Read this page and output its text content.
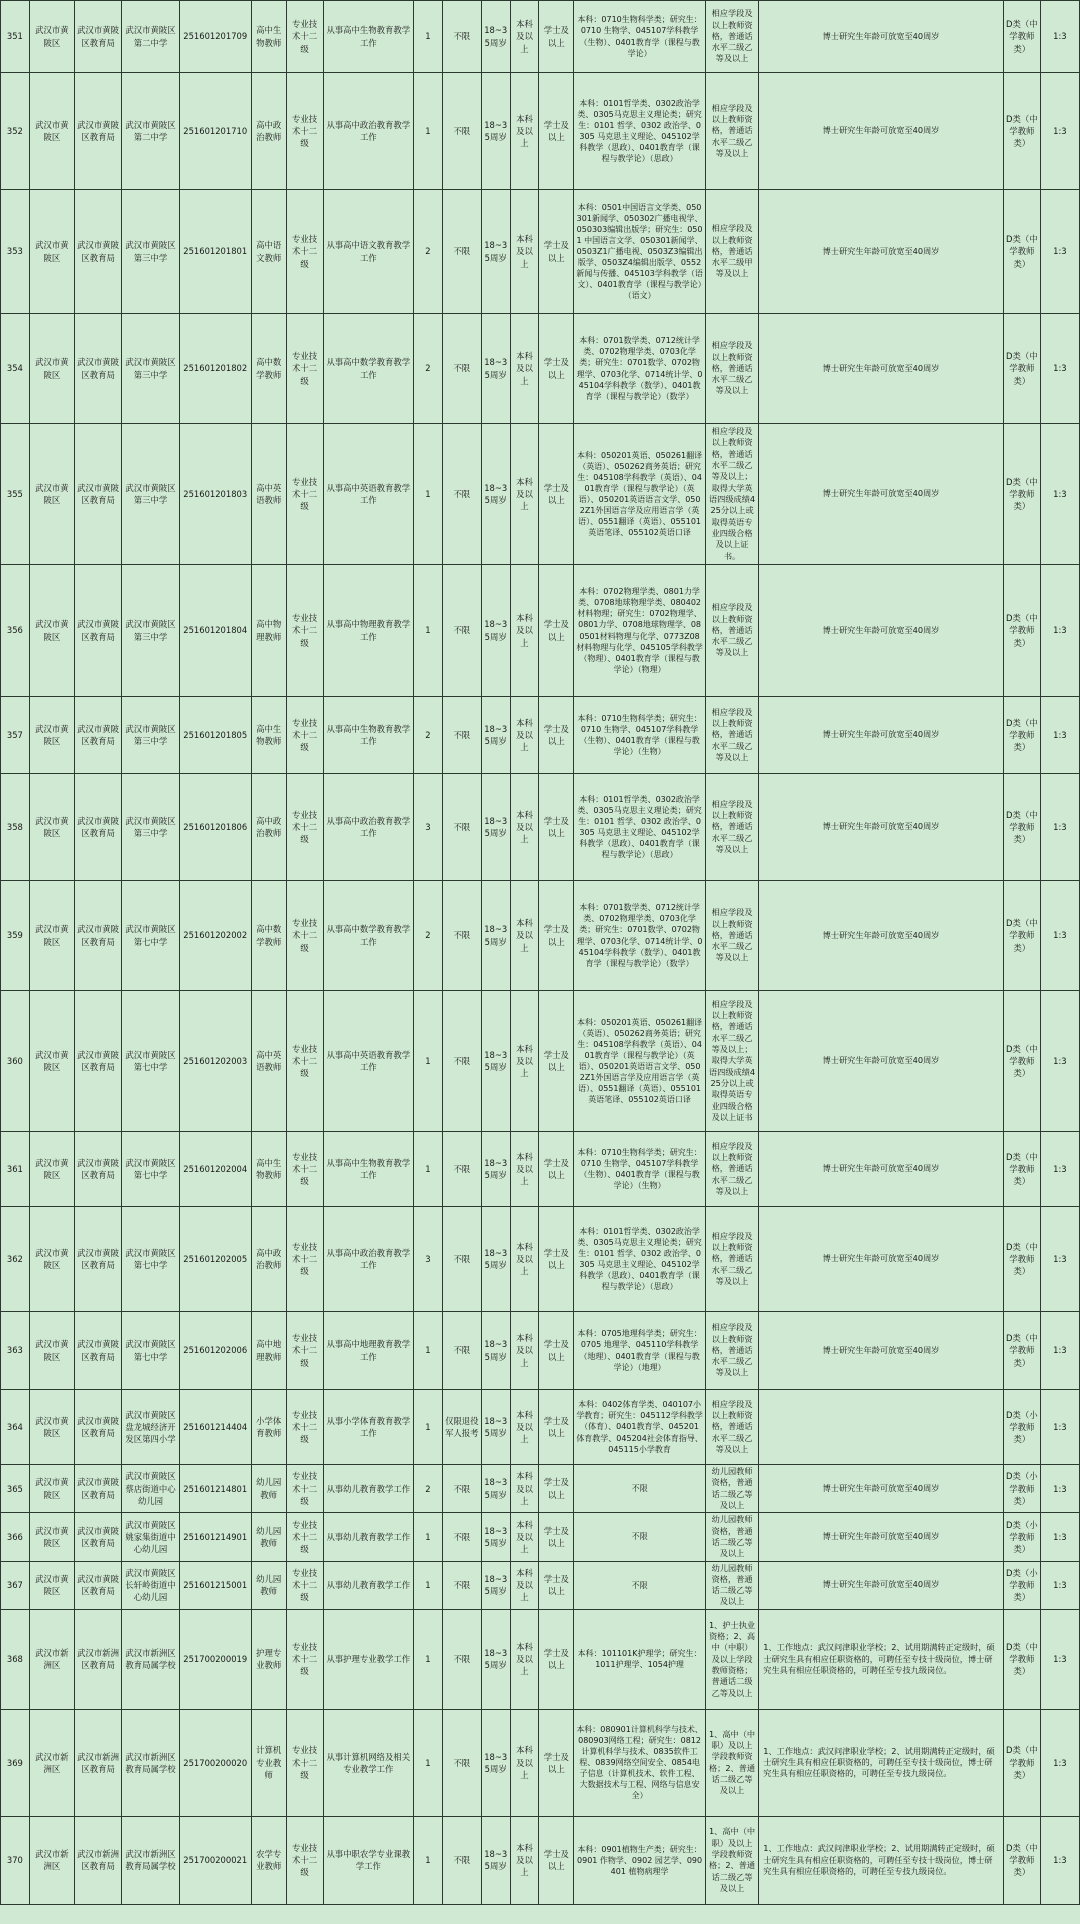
351	武汉市黄陂区	武汉市黄陂区教育局	武汉市黄陂区第二中学	251601201709	高中生物教师	专业技术十二级	从事高中生物教育教学工作	1	不限	18~35周岁	本科及以上	学士及以上	本科：0710生物科学类；研究生：0710 生物学、045107学科教学（生物）、0401教育学（课程与教学论）	相应学段及以上教师资格，普通话水平二级乙等及以上	博士研究生年龄可放宽至40周岁	D类（中学教师类）	1:3
352	武汉市黄陂区	武汉市黄陂区教育局	武汉市黄陂区第二中学	251601201710	高中政治教师	专业技术十二级	从事高中政治教育教学工作	1	不限	18~35周岁	本科及以上	学士及以上	本科：0101哲学类、0302政治学类、0305马克思主义理论类；研究生：0101 哲学、0302 政治学、0305 马克思主义理论、045102学科教学（思政）、0401教育学（课程与教学论）（思政）	相应学段及以上教师资格，普通话水平二级乙等及以上	博士研究生年龄可放宽至40周岁	D类（中学教师类）	1:3
353	武汉市黄陂区	武汉市黄陂区教育局	武汉市黄陂区第三中学	251601201801	高中语文教师	专业技术十二级	从事高中语文教育教学工作	2	不限	18~35周岁	本科及以上	学士及以上	本科：0501中国语言文学类、050301新闻学、050302广播电视学、050303编辑出版学；研究生：0501 中国语言文学、050301新闻学、0503Z1广播电视、0503Z3编辑出版学、0503Z4编辑出版学、0552新闻与传播、045103学科教学（语文）、0401教育学（课程与教学论）（语文）	相应学段及以上教师资格，普通话水平二级甲等及以上	博士研究生年龄可放宽至40周岁	D类（中学教师类）	1:3
354	武汉市黄陂区	武汉市黄陂区教育局	武汉市黄陂区第三中学	251601201802	高中数学教师	专业技术十二级	从事高中数学教育教学工作	2	不限	18~35周岁	本科及以上	学士及以上	本科：0701数学类、0712统计学类、0702物理学类、0703化学类；研究生：0701数学、0702物理学、0703化学、0714统计学、045104学科教学（数学）、0401教育学（课程与教学论）（数学）	相应学段及以上教师资格，普通话水平二级乙等及以上	博士研究生年龄可放宽至40周岁	D类（中学教师类）	1:3
355	武汉市黄陂区	武汉市黄陂区教育局	武汉市黄陂区第三中学	251601201803	高中英语教师	专业技术十二级	从事高中英语教育教学工作	1	不限	18~35周岁	本科及以上	学士及以上	本科：050201英语、050261翻译（英语）、050262商务英语；研究生：045108学科教学（英语）、0401教育学（课程与教学论）（英语）、050201英语语言文学、0502Z1外国语言学及应用语言学（英语）、0551翻译（英语）、055101英语笔译、055102英语口译	相应学段及以上教师资格，普通话水平二级乙等及以上；取得大学英语四级成绩425分以上或取得英语专业四级合格及以上证书。	博士研究生年龄可放宽至40周岁	D类（中学教师类）	1:3
356	武汉市黄陂区	武汉市黄陂区教育局	武汉市黄陂区第三中学	251601201804	高中物理教师	专业技术十二级	从事高中物理教育教学工作	1	不限	18~35周岁	本科及以上	学士及以上	本科：0702物理学类、0801力学类、0708地球物理学类、080402材料物理；研究生：0702物理学、0801力学、0708地球物理学、080501材料物理与化学、0773Z08材料物理与化学、045105学科教学（物理）、0401教育学（课程与教学论）（物理）	相应学段及以上教师资格，普通话水平二级乙等及以上	博士研究生年龄可放宽至40周岁	D类（中学教师类）	1:3
357	武汉市黄陂区	武汉市黄陂区教育局	武汉市黄陂区第三中学	251601201805	高中生物教师	专业技术十二级	从事高中生物教育教学工作	2	不限	18~35周岁	本科及以上	学士及以上	本科：0710生物科学类；研究生：0710 生物学、045107学科教学（生物）、0401教育学（课程与教学论）（生物）	相应学段及以上教师资格，普通话水平二级乙等及以上	博士研究生年龄可放宽至40周岁	D类（中学教师类）	1:3
358	武汉市黄陂区	武汉市黄陂区教育局	武汉市黄陂区第三中学	251601201806	高中政治教师	专业技术十二级	从事高中政治教育教学工作	3	不限	18~35周岁	本科及以上	学士及以上	本科：0101哲学类、0302政治学类、0305马克思主义理论类；研究生：0101 哲学、0302 政治学、0305 马克思主义理论、045102学科教学（思政）、0401教育学（课程与教学论）（思政）	相应学段及以上教师资格，普通话水平二级乙等及以上	博士研究生年龄可放宽至40周岁	D类（中学教师类）	1:3
359	武汉市黄陂区	武汉市黄陂区教育局	武汉市黄陂区第七中学	251601202002	高中数学教师	专业技术十二级	从事高中数学教育教学工作	2	不限	18~35周岁	本科及以上	学士及以上	本科：0701数学类、0712统计学类、0702物理学类、0703化学类；研究生：0701数学、0702物理学、0703化学、0714统计学、045104学科教学（数学）、0401教育学（课程与教学论）（数学）	相应学段及以上教师资格，普通话水平二级乙等及以上	博士研究生年龄可放宽至40周岁	D类（中学教师类）	1:3
360	武汉市黄陂区	武汉市黄陂区教育局	武汉市黄陂区第七中学	251601202003	高中英语教师	专业技术十二级	从事高中英语教育教学工作	1	不限	18~35周岁	本科及以上	学士及以上	本科：050201英语、050261翻译（英语）、050262商务英语；研究生：045108学科教学（英语）、0401教育学（课程与教学论）（英语）、050201英语语言文学、0502Z1外国语言学及应用语言学（英语）、0551翻译（英语）、055101英语笔译、055102英语口译	相应学段及以上教师资格，普通话水平二级乙等及以上；取得大学英语四级成绩425分以上或取得英语专业四级合格及以上证书	博士研究生年龄可放宽至40周岁	D类（中学教师类）	1:3
361	武汉市黄陂区	武汉市黄陂区教育局	武汉市黄陂区第七中学	251601202004	高中生物教师	专业技术十二级	从事高中生物教育教学工作	1	不限	18~35周岁	本科及以上	学士及以上	本科：0710生物科学类；研究生：0710 生物学、045107学科教学（生物）、0401教育学（课程与教学论）（生物）	相应学段及以上教师资格，普通话水平二级乙等及以上	博士研究生年龄可放宽至40周岁	D类（中学教师类）	1:3
362	武汉市黄陂区	武汉市黄陂区教育局	武汉市黄陂区第七中学	251601202005	高中政治教师	专业技术十二级	从事高中政治教育教学工作	3	不限	18~35周岁	本科及以上	学士及以上	本科：0101哲学类、0302政治学类、0305马克思主义理论类；研究生：0101 哲学、0302 政治学、0305 马克思主义理论、045102学科教学（思政）、0401教育学（课程与教学论）（思政）	相应学段及以上教师资格，普通话水平二级乙等及以上	博士研究生年龄可放宽至40周岁	D类（中学教师类）	1:3
363	武汉市黄陂区	武汉市黄陂区教育局	武汉市黄陂区第七中学	251601202006	高中地理教师	专业技术十二级	从事高中地理教育教学工作	1	不限	18~35周岁	本科及以上	学士及以上	本科：0705地理科学类；研究生：0705 地理学、045110学科教学（地理）、0401教育学（课程与教学论）（地理）	相应学段及以上教师资格，普通话水平二级乙等及以上	博士研究生年龄可放宽至40周岁	D类（中学教师类）	1:3
364	武汉市黄陂区	武汉市黄陂区教育局	武汉市黄陂区盘龙城经济开发区第四小学	251601214404	小学体育教师	专业技术十二级	从事小学体育教育教学工作	1	仅限退役军人报考	18~35周岁	本科及以上	学士及以上	本科：0402体育学类、040107小学教育；研究生：045112学科教学（体育）、0401教育学、045201体育教学、045204社会体育指导、045115小学教育	相应学段及以上教师资格，普通话水平二级乙等及以上		D类（小学教师类）	1:3
365	武汉市黄陂区	武汉市黄陂区教育局	武汉市黄陂区蔡店街道中心幼儿园	251601214801	幼儿园教师	专业技术十二级	从事幼儿教育教学工作	2	不限	18~35周岁	本科及以上	学士及以上	不限	幼儿园教师资格，普通话二级乙等及以上	博士研究生年龄可放宽至40周岁	D类（小学教师类）	1:3
366	武汉市黄陂区	武汉市黄陂区教育局	武汉市黄陂区姚家集街道中心幼儿园	251601214901	幼儿园教师	专业技术十二级	从事幼儿教育教学工作	1	不限	18~35周岁	本科及以上	学士及以上	不限	幼儿园教师资格，普通话二级乙等及以上	博士研究生年龄可放宽至40周岁	D类（小学教师类）	1:3
367	武汉市黄陂区	武汉市黄陂区教育局	武汉市黄陂区长轩岭街道中心幼儿园	251601215001	幼儿园教师	专业技术十二级	从事幼儿教育教学工作	1	不限	18~35周岁	本科及以上	学士及以上	不限	幼儿园教师资格，普通话二级乙等及以上	博士研究生年龄可放宽至40周岁	D类（小学教师类）	1:3
368	武汉市新洲区	武汉市新洲区教育局	武汉市新洲区教育局属学校	251700200019	护理专业教师	专业技术十二级	从事护理专业教学工作	1	不限	18~35周岁	本科及以上	学士及以上	本科：101101K护理学；研究生：1011护理学、1054护理	1、护士执业资格；2、高中（中职）及以上学段教师资格；普通话二级乙等及以上	1、工作地点：武汉问津职业学校；2、试用期满转正定级时，硕士研究生具有相应任职资格的，可聘任至专技十级岗位，博士研究生具有相应任职资格的，可聘任至专技九级岗位。	D类（中学教师类）	1:3
369	武汉市新洲区	武汉市新洲区教育局	武汉市新洲区教育局属学校	251700200020	计算机专业教师	专业技术十二级	从事计算机网络及相关专业教学工作	1	不限	18~35周岁	本科及以上	学士及以上	本科：080901计算机科学与技术、080903网络工程；研究生：0812计算机科学与技术、0835软件工程、0839网络空间安全、0854电子信息（计算机技术、软件工程、大数据技术与工程、网络与信息安全）	1、高中（中职）及以上学段教师资格；2、普通话二级乙等及以上	1、工作地点：武汉问津职业学校；2、试用期满转正定级时，硕士研究生具有相应任职资格的，可聘任至专技十级岗位，博士研究生具有相应任职资格的，可聘任至专技九级岗位。	D类（中学教师类）	1:3
370	武汉市新洲区	武汉市新洲区教育局	武汉市新洲区教育局属学校	251700200021	农学专业教师	专业技术十二级	从事中职农学专业课教学工作	1	不限	18~35周岁	本科及以上	学士及以上	本科：0901植物生产类；研究生：0901 作物学、0902 园艺学、090401 植物病理学	1、高中（中职）及以上学段教师资格；2、普通话二级乙等及以上	1、工作地点：武汉问津职业学校；2、试用期满转正定级时，硕士研究生具有相应任职资格的，可聘任至专技十级岗位，博士研究生具有相应任职资格的，可聘任至专技九级岗位。	D类（中学教师类）	1:3
